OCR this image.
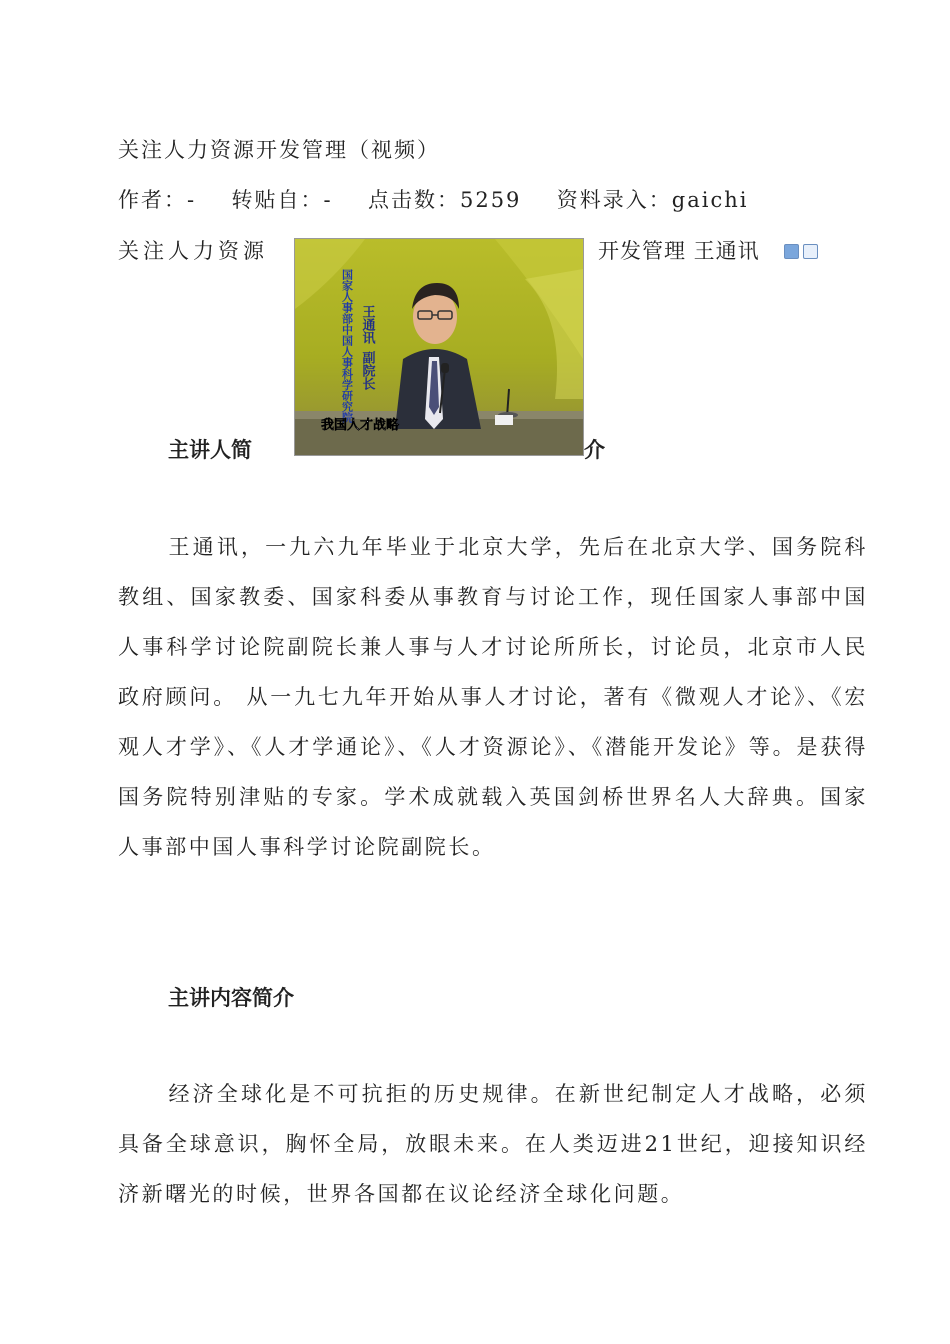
关注人力资源开发管理（视频）
作者：- 转贴自：- 点击数：5259 资料录入：gaichi
关注人力资源
国家人事部中国人事科学研究院 王通讯
副院长
我国人才战略
开发管理 王通讯
主讲人简	介
王通讯，一九六九年毕业于北京大学，先后在北京大学、国务院科教组、国家教委、国家科委从事教育与讨论工作，现任国家人事部中国人事科学讨论院副院长兼人事与人才讨论所所长，讨论员，北京市人民政府顾问。 从一九七九年开始从事人才讨论，著有《微观人才论》、《宏观人才学》、《人才学通论》、《人才资源论》、《潜能开发论》等。是获得国务院特别津贴的专家。学术成就载入英国剑桥世界名人大辞典。国家人事部中国人事科学讨论院副院长。
主讲内容简介
经济全球化是不可抗拒的历史规律。在新世纪制定人才战略，必须具备全球意识，胸怀全局，放眼未来。在人类迈进21世纪，迎接知识经济新曙光的时候，世界各国都在议论经济全球化问题。
